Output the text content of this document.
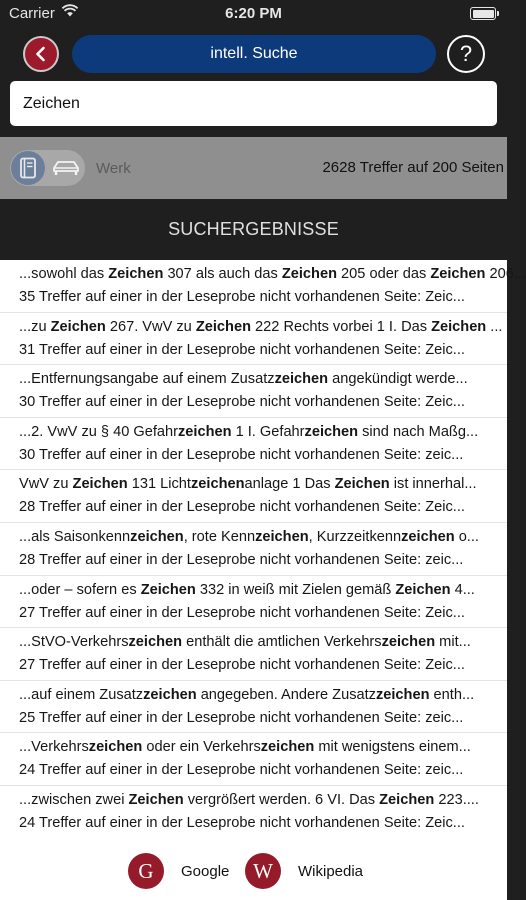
Carrier	6:20 PM
intell. Suche	?
Zeichen
Werk	2628 Treffer auf 200 Seiten
SUCHERGEBNISSE
...sowohl das Zeichen 307 als auch das Zeichen 205 oder das Zeichen 206...
35 Treffer auf einer in der Leseprobe nicht vorhandenen Seite: Zeic...
...zu Zeichen 267. VwV zu Zeichen 222 Rechts vorbei 1 I. Das Zeichen ...
31 Treffer auf einer in der Leseprobe nicht vorhandenen Seite: Zeic...
...Entfernungsangabe auf einem Zusatzzeichen angekündigt werde...
30 Treffer auf einer in der Leseprobe nicht vorhandenen Seite: Zeic...
...2. VwV zu § 40 Gefahrzeichen 1 I. Gefahrzeichen sind nach Maßg...
30 Treffer auf einer in der Leseprobe nicht vorhandenen Seite: zeic...
VwV zu Zeichen 131 Lichtzeichenanlage 1 Das Zeichen ist innerhal...
28 Treffer auf einer in der Leseprobe nicht vorhandenen Seite: Zeic...
...als Saisonkennzeichen, rote Kennzeichen, Kurzzeitkennzeichen o...
28 Treffer auf einer in der Leseprobe nicht vorhandenen Seite: zeic...
...oder – sofern es Zeichen 332 in weiß mit Zielen gemäß Zeichen 4...
27 Treffer auf einer in der Leseprobe nicht vorhandenen Seite: Zeic...
...StVO-Verkehrszeichen enthält die amtlichen Verkehrszeichen mit...
27 Treffer auf einer in der Leseprobe nicht vorhandenen Seite: Zeic...
...auf einem Zusatzzeichen angegeben. Andere Zusatzzeichen enth...
25 Treffer auf einer in der Leseprobe nicht vorhandenen Seite: zeic...
...Verkehrszeichen oder ein Verkehrszeichen mit wenigstens einem...
24 Treffer auf einer in der Leseprobe nicht vorhandenen Seite: zeic...
...zwischen zwei Zeichen vergrößert werden. 6 VI. Das Zeichen 223....
24 Treffer auf einer in der Leseprobe nicht vorhandenen Seite: Zeic...
G	Google	W	Wikipedia
